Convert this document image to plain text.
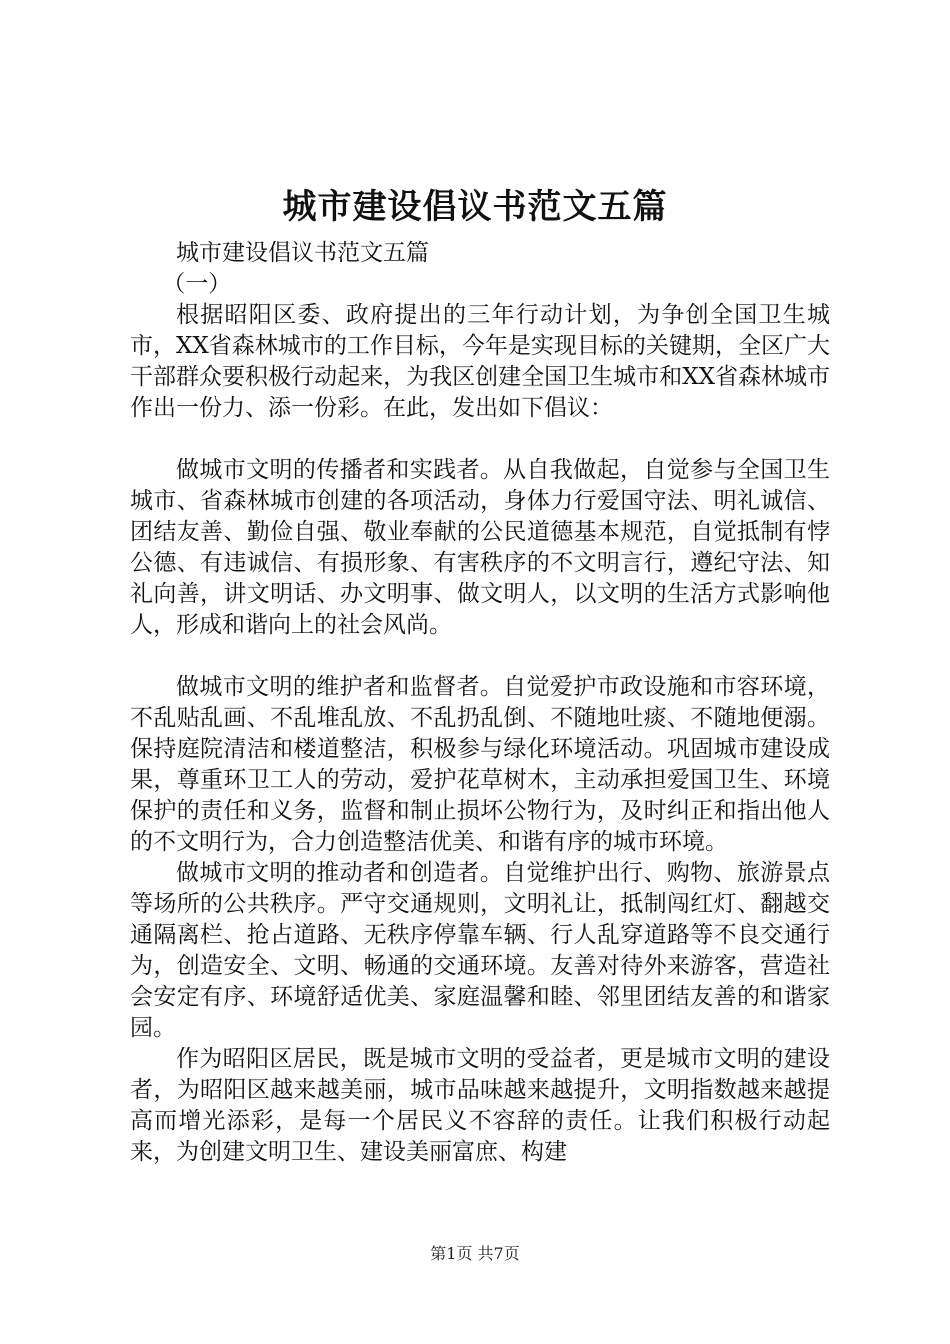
城市建设倡议书范文五篇

城市建设倡议书范文五篇

（一）

根据昭阳区委、政府提出的三年行动计划，为争创全国卫生城市，XX省森林城市的工作目标，今年是实现目标的关键期，全区广大干部群众要积极行动起来，为我区创建全国卫生城市和XX省森林城市作出一份力、添一份彩。在此，发出如下倡议：

做城市文明的传播者和实践者。从自我做起，自觉参与全国卫生城市、省森林城市创建的各项活动，身体力行爱国守法、明礼诚信、团结友善、勤俭自强、敬业奉献的公民道德基本规范，自觉抵制有悖公德、有违诚信、有损形象、有害秩序的不文明言行，遵纪守法、知礼向善，讲文明话、办文明事、做文明人，以文明的生活方式影响他人，形成和谐向上的社会风尚。

做城市文明的维护者和监督者。自觉爱护市政设施和市容环境，不乱贴乱画、不乱堆乱放、不乱扔乱倒、不随地吐痰、不随地便溺。保持庭院清洁和楼道整洁，积极参与绿化环境活动。巩固城市建设成果，尊重环卫工人的劳动，爱护花草树木，主动承担爱国卫生、环境保护的责任和义务，监督和制止损坏公物行为，及时纠正和指出他人的不文明行为，合力创造整洁优美、和谐有序的城市环境。

做城市文明的推动者和创造者。自觉维护出行、购物、旅游景点等场所的公共秩序。严守交通规则，文明礼让，抵制闯红灯、翻越交通隔离栏、抢占道路、无秩序停靠车辆、行人乱穿道路等不良交通行为，创造安全、文明、畅通的交通环境。友善对待外来游客，营造社会安定有序、环境舒适优美、家庭温馨和睦、邻里团结友善的和谐家园。

作为昭阳区居民，既是城市文明的受益者，更是城市文明的建设者，为昭阳区越来越美丽，城市品味越来越提升，文明指数越来越提高而增光添彩，是每一个居民义不容辞的责任。让我们积极行动起来，为创建文明卫生、建设美丽富庶、构建

第1页 共7页
